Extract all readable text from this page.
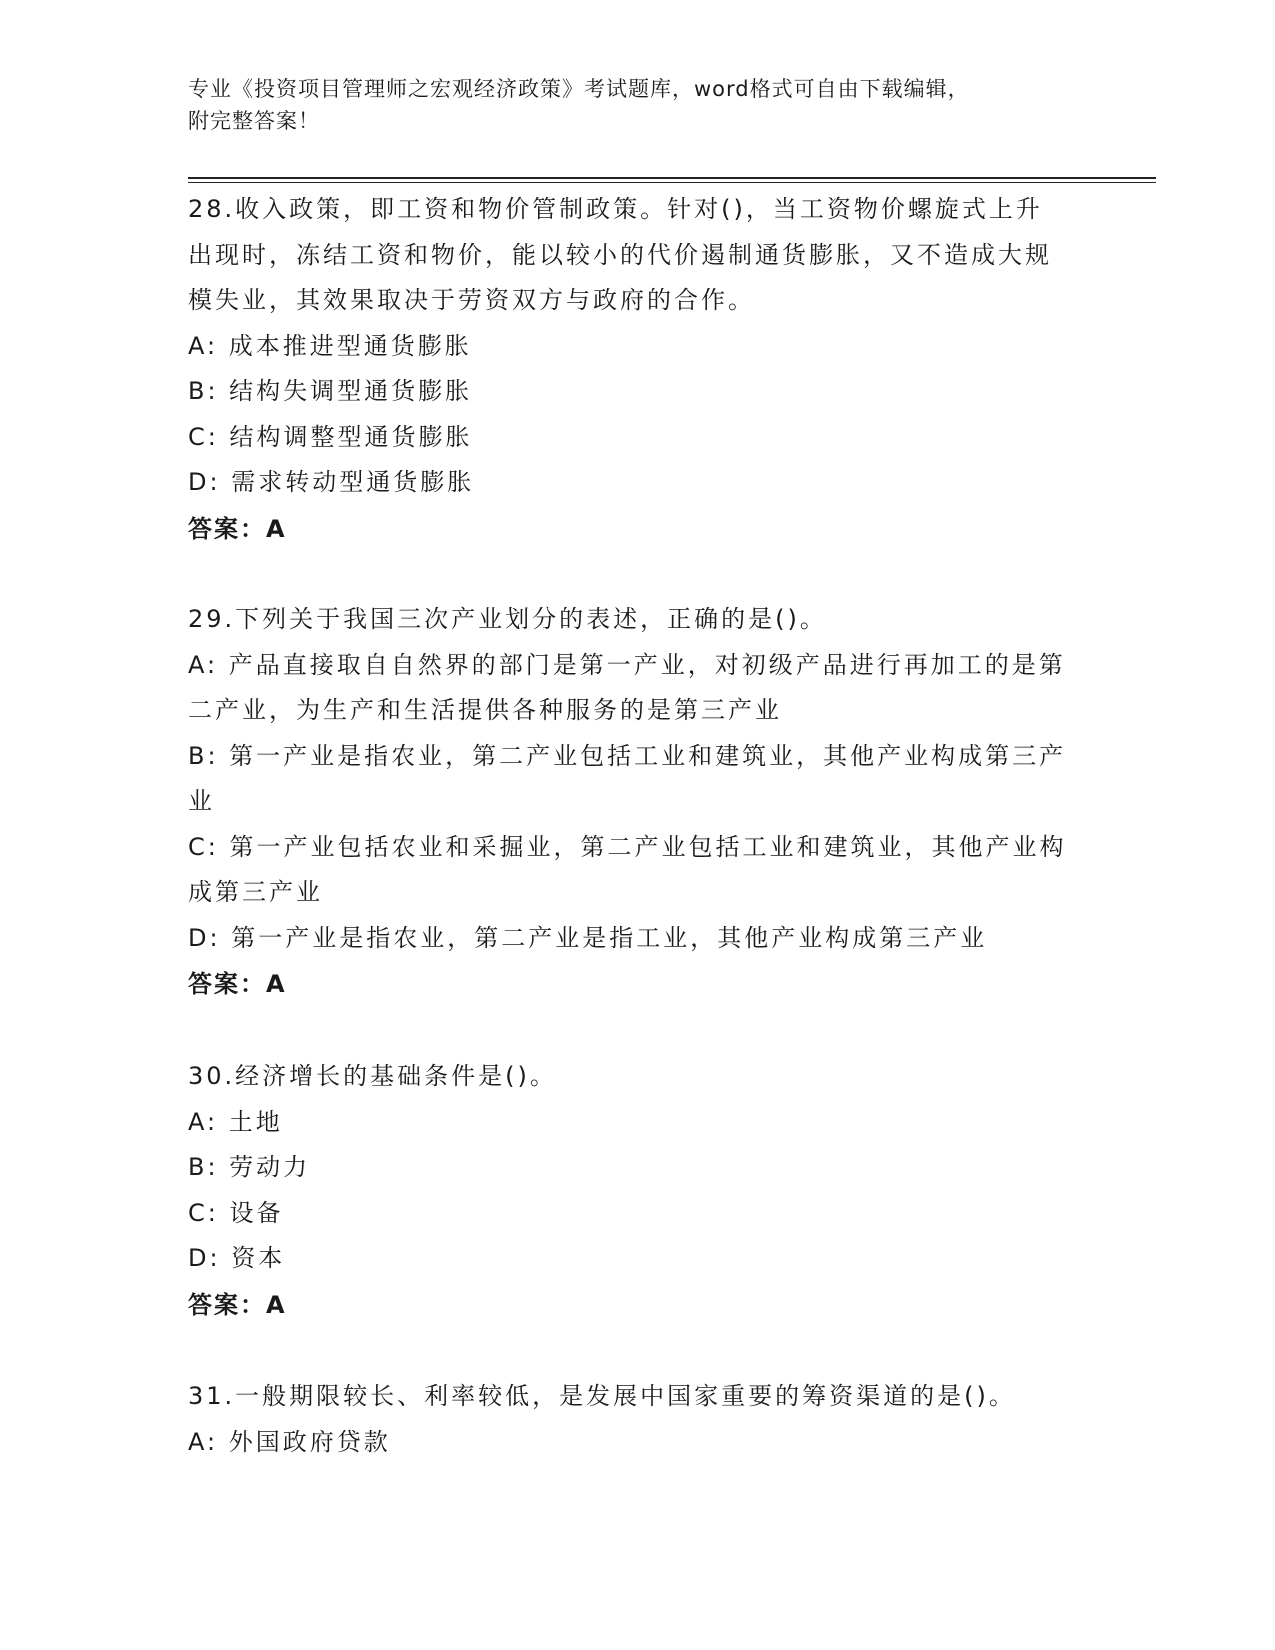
专业《投资项目管理师之宏观经济政策》考试题库，word格式可自由下载编辑，
附完整答案！
28.收入政策，即工资和物价管制政策。针对()，当工资物价螺旋式上升出现时，冻结工资和物价，能以较小的代价遏制通货膨胀，又不造成大规模失业，其效果取决于劳资双方与政府的合作。
A: 成本推进型通货膨胀
B: 结构失调型通货膨胀
C: 结构调整型通货膨胀
D: 需求转动型通货膨胀
答案：A
29.下列关于我国三次产业划分的表述，正确的是()。
A: 产品直接取自自然界的部门是第一产业，对初级产品进行再加工的是第二产业，为生产和生活提供各种服务的是第三产业
B: 第一产业是指农业，第二产业包括工业和建筑业，其他产业构成第三产业
C: 第一产业包括农业和采掘业，第二产业包括工业和建筑业，其他产业构成第三产业
D: 第一产业是指农业，第二产业是指工业，其他产业构成第三产业
答案：A
30.经济增长的基础条件是()。
A: 土地
B: 劳动力
C: 设备
D: 资本
答案：A
31.一般期限较长、利率较低，是发展中国家重要的筹资渠道的是()。
A: 外国政府贷款
